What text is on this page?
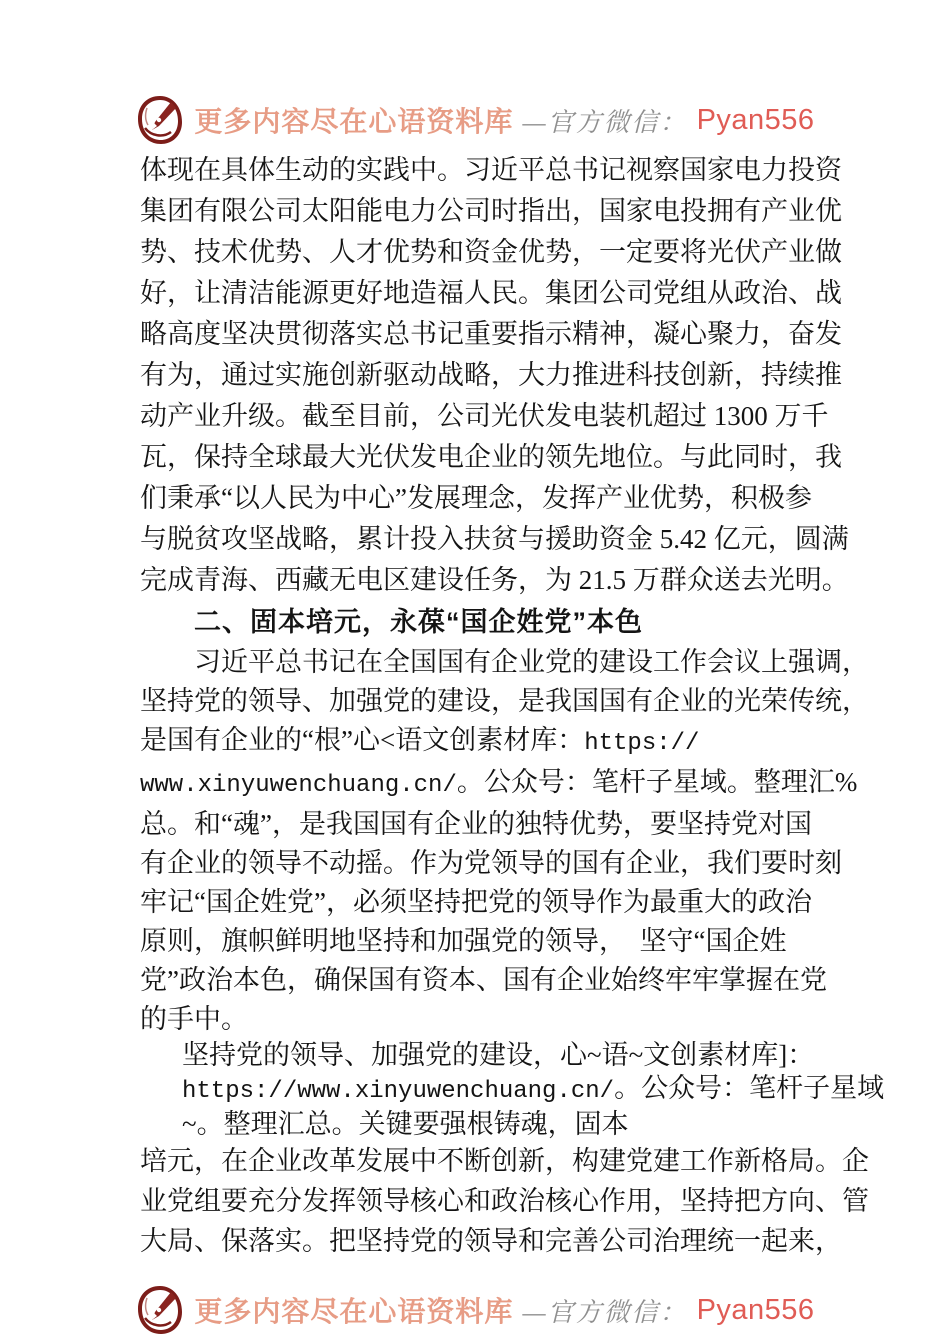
更多内容尽在心语资料库 —官方微信： Pyan556
体现在具体生动的实践中。习近平总书记视察国家电力投资
集团有限公司太阳能电力公司时指出，国家电投拥有产业优
势、技术优势、人才优势和资金优势，一定要将光伏产业做
好，让清洁能源更好地造福人民。集团公司党组从政治、战
略高度坚决贯彻落实总书记重要指示精神，凝心聚力，奋发
有为，通过实施创新驱动战略，大力推进科技创新，持续推
动产业升级。截至目前，公司光伏发电装机超过 1300 万千
瓦，保持全球最大光伏发电企业的领先地位。与此同时，我
们秉承“以人民为中心”发展理念，发挥产业优势，积极参
与脱贫攻坚战略，累计投入扶贫与援助资金 5.42 亿元，圆满
完成青海、西藏无电区建设任务，为 21.5 万群众送去光明。
二、固本培元，永葆“国企姓党”本色
习近平总书记在全国国有企业党的建设工作会议上强调，
坚持党的领导、加强党的建设，是我国国有企业的光荣传统，
是国有企业的“根”心<语文创素材库：https://
www.xinyuwenchuang.cn/。公众号：笔杆子星域。整理汇%
总。和“魂”，是我国国有企业的独特优势，要坚持党对国
有企业的领导不动摇。作为党领导的国有企业，我们要时刻
牢记“国企姓党”，必须坚持把党的领导作为最重大的政治
原则，旗帜鲜明地坚持和加强党的领导，　坚守“国企姓
党”政治本色，确保国有资本、国有企业始终牢牢掌握在党
的手中。
坚持党的领导、加强党的建设，心~语~文创素材库]：
https://www.xinyuwenchuang.cn/。公众号：笔杆子星域
~。整理汇总。关键要强根铸魂，固本
培元，在企业改革发展中不断创新，构建党建工作新格局。企
业党组要充分发挥领导核心和政治核心作用，坚持把方向、管
大局、保落实。把坚持党的领导和完善公司治理统一起来，
更多内容尽在心语资料库 —官方微信： Pyan556
